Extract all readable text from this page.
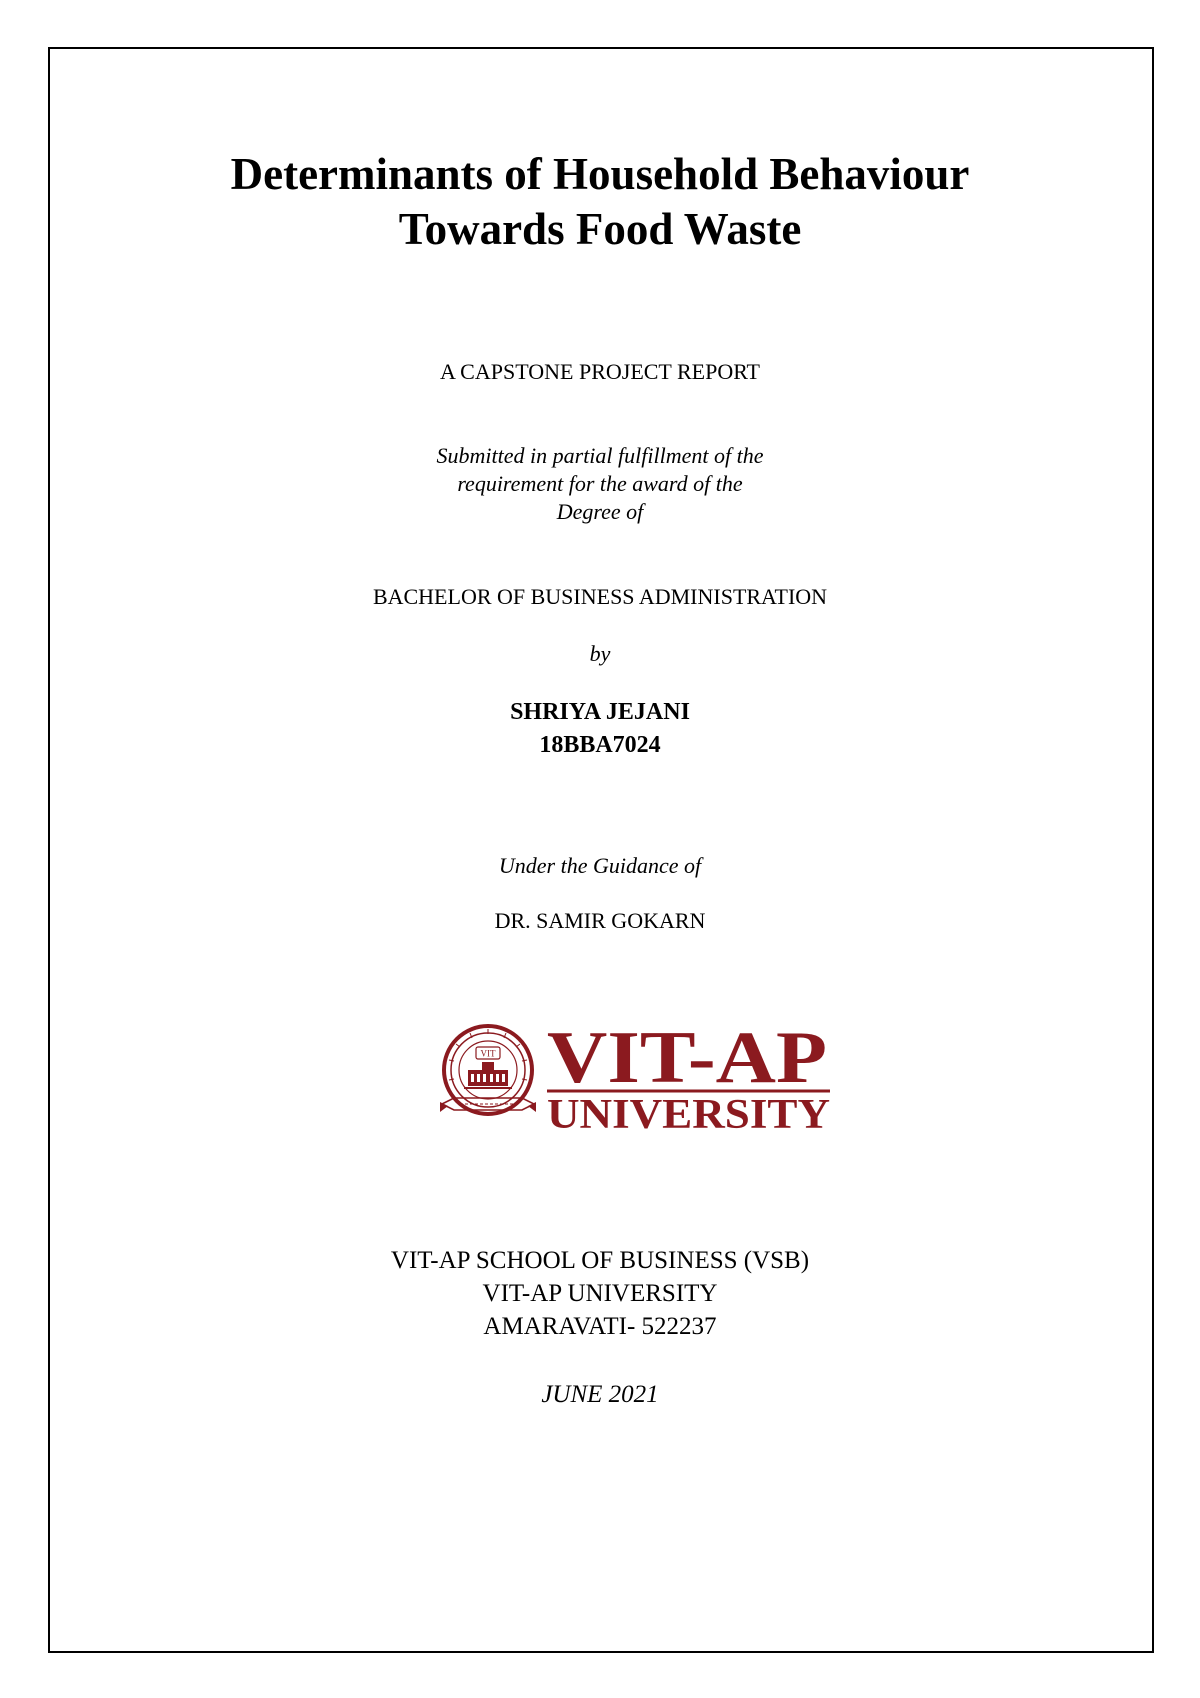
Determinants of Household Behaviour
Towards Food Waste
A CAPSTONE PROJECT REPORT
Submitted in partial fulfillment of the
requirement for the award of the
Degree of
BACHELOR OF BUSINESS ADMINISTRATION
by
SHRIYA JEJANI
18BBA7024
Under the Guidance of
DR. SAMIR GOKARN
VIT VIT-AP
UNIVERSITY
VIT-AP SCHOOL OF BUSINESS (VSB)
VIT-AP UNIVERSITY
AMARAVATI- 522237
JUNE 2021
